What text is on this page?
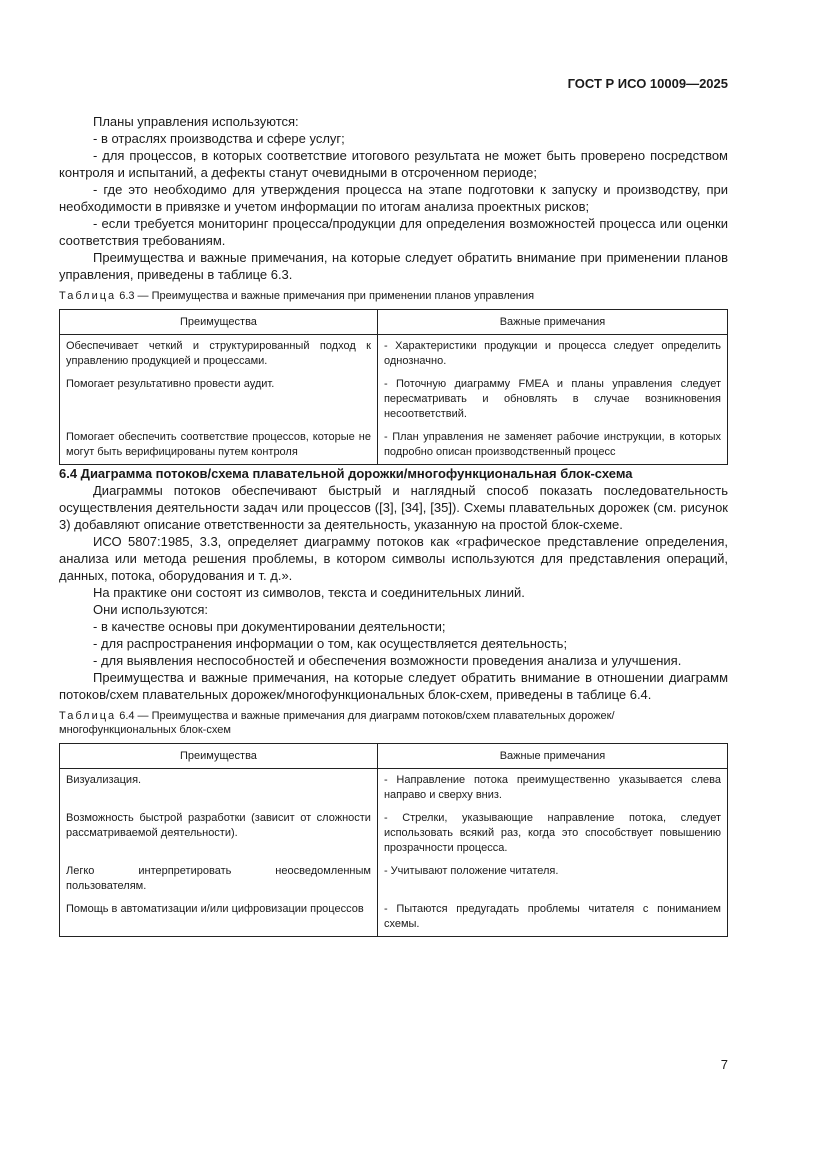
ГОСТ Р ИСО 10009—2025

Планы управления используются:

- в отраслях производства и сфере услуг;

- для процессов, в которых соответствие итогового результата не может быть проверено посредством контроля и испытаний, а дефекты станут очевидными в отсроченном периоде;

- где это необходимо для утверждения процесса на этапе подготовки к запуску и производству, при необходимости в привязке и учетом информации по итогам анализа проектных рисков;

- если требуется мониторинг процесса/продукции для определения возможностей процесса или оценки соответствия требованиям.

Преимущества и важные примечания, на которые следует обратить внимание при применении планов управления, приведены в таблице 6.3.

Таблица 6.3 — Преимущества и важные примечания при применении планов управления
Преимущества	Важные примечания
Обеспечивает четкий и структурированный подход к управлению продукцией и процессами.	- Характеристики продукции и процесса следует определить однозначно.
Помогает результативно провести аудит.	- Поточную диаграмму FMEA и планы управления следует пересматривать и обновлять в случае возникновения несоответствий.
Помогает обеспечить соответствие процессов, которые не могут быть верифицированы путем контроля	- План управления не заменяет рабочие инструкции, в которых подробно описан производственный процесс

6.4 Диаграмма потоков/схема плавательной дорожки/многофункциональная блок-схема

Диаграммы потоков обеспечивают быстрый и наглядный способ показать последовательность осуществления деятельности задач или процессов ([3], [34], [35]). Схемы плавательных дорожек (см. рисунок 3) добавляют описание ответственности за деятельность, указанную на простой блок-схеме.

ИСО 5807:1985, 3.3, определяет диаграмму потоков как «графическое представление определения, анализа или метода решения проблемы, в котором символы используются для представления операций, данных, потока, оборудования и т. д.».

На практике они состоят из символов, текста и соединительных линий.

Они используются:

- в качестве основы при документировании деятельности;

- для распространения информации о том, как осуществляется деятельность;

- для выявления неспособностей и обеспечения возможности проведения анализа и улучшения.

Преимущества и важные примечания, на которые следует обратить внимание в отношении диаграмм потоков/схем плавательных дорожек/многофункциональных блок-схем, приведены в таблице 6.4.

Таблица 6.4 — Преимущества и важные примечания для диаграмм потоков/схем плавательных дорожек/многофункциональных блок-схем
Преимущества	Важные примечания
Визуализация.	- Направление потока преимущественно указывается слева направо и сверху вниз.
Возможность быстрой разработки (зависит от сложности рассматриваемой деятельности).	- Стрелки, указывающие направление потока, следует использовать всякий раз, когда это способствует повышению прозрачности процесса.
Легко интерпретировать неосведомленным пользователям.	- Учитывают положение читателя.
Помощь в автоматизации и/или цифровизации процессов	- Пытаются предугадать проблемы читателя с пониманием схемы.
7
